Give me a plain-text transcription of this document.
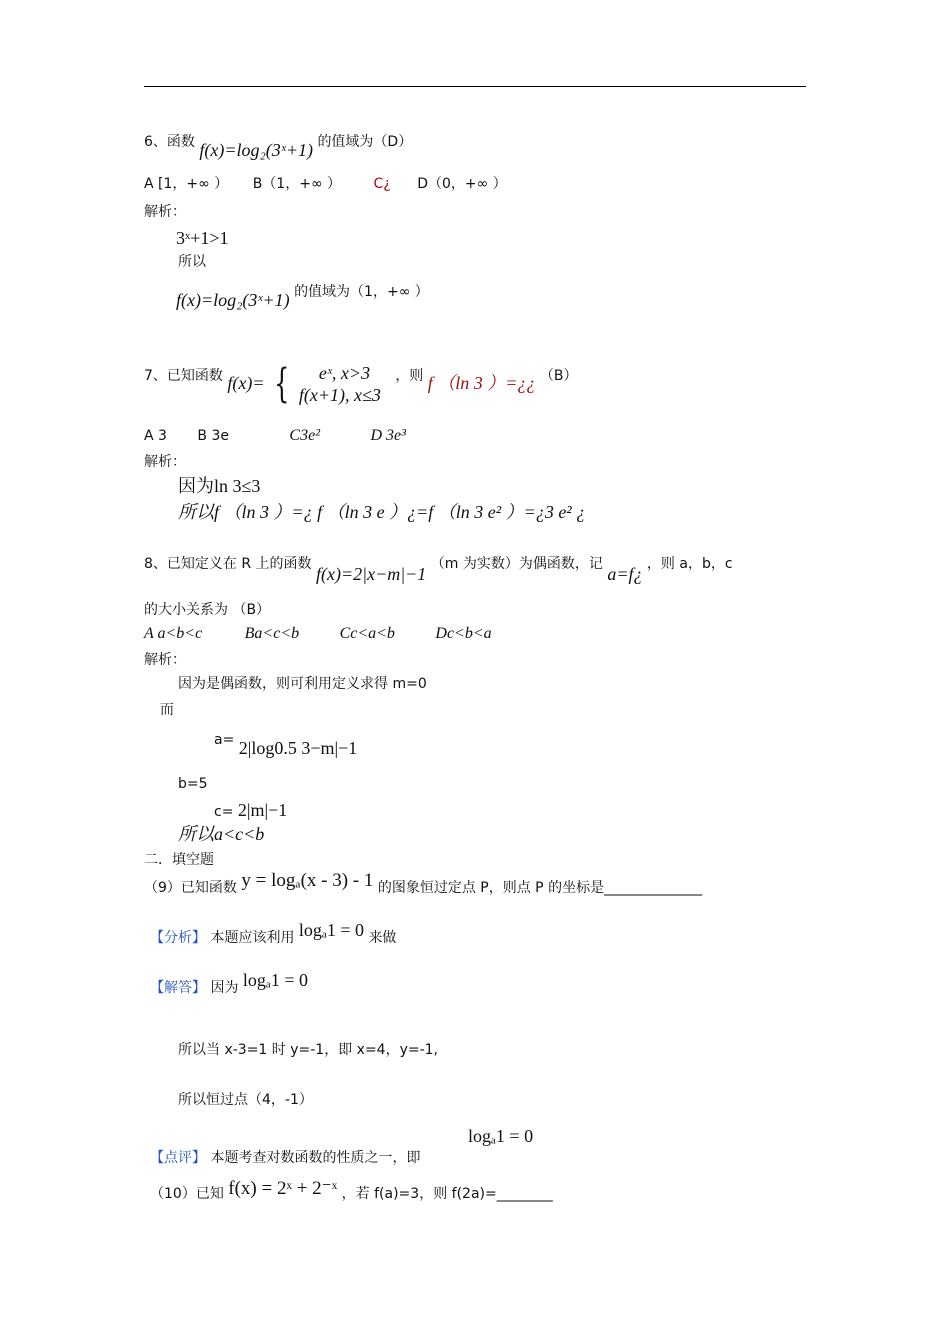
6、函数 f(x)=log₂(3ˣ+1) 的值域为（D）
A [1，+∞ ） B（1，+∞ ） C¿ D（0，+∞ ）
解析：
3ˣ+1>1
所以
f(x)=log₂(3ˣ+1) 的值域为（1，+∞ ）
7、已知函数 f(x)= {	eˣ, x>3
f(x+1), x≤3
，则 f （ln 3 ）=¿¿ （B）
A 3 B 3e	C3e²	D 3e³
解析：
因为ln 3≤3
所以f （ln 3 ）=¿ f （ln 3 e ）¿=f （ln 3 e² ）=¿3 e² ¿
8、已知定义在 R 上的函数 f(x)=2|x−m|−1 （m 为实数）为偶函数，记 a=f¿ ，则 a，b，c
的大小关系为 （B）
A a<b<c	Ba<c<b	Cc<a<b	Dc<b<a
解析：
因为是偶函数，则可利用定义求得 m=0
而
a= 2|log0.5 3−m|−1
b=5
c= 2|m|−1
所以a<c<b
二．填空题
（9）已知函数 y = logₐ(x - 3) - 1 的图象恒过定点 P，则点 P 的坐标是______________
【分析】 本题应该利用 logₐ1 = 0 来做
【解答】 因为 logₐ1 = 0
所以当 x-3=1 时 y=-1，即 x=4，y=-1,
所以恒过点（4，-1）
logₐ1 = 0
【点评】 本题考查对数函数的性质之一，即
（10）已知 f(x) = 2ˣ + 2⁻ˣ ，若 f(a)=3，则 f(2a)=________
